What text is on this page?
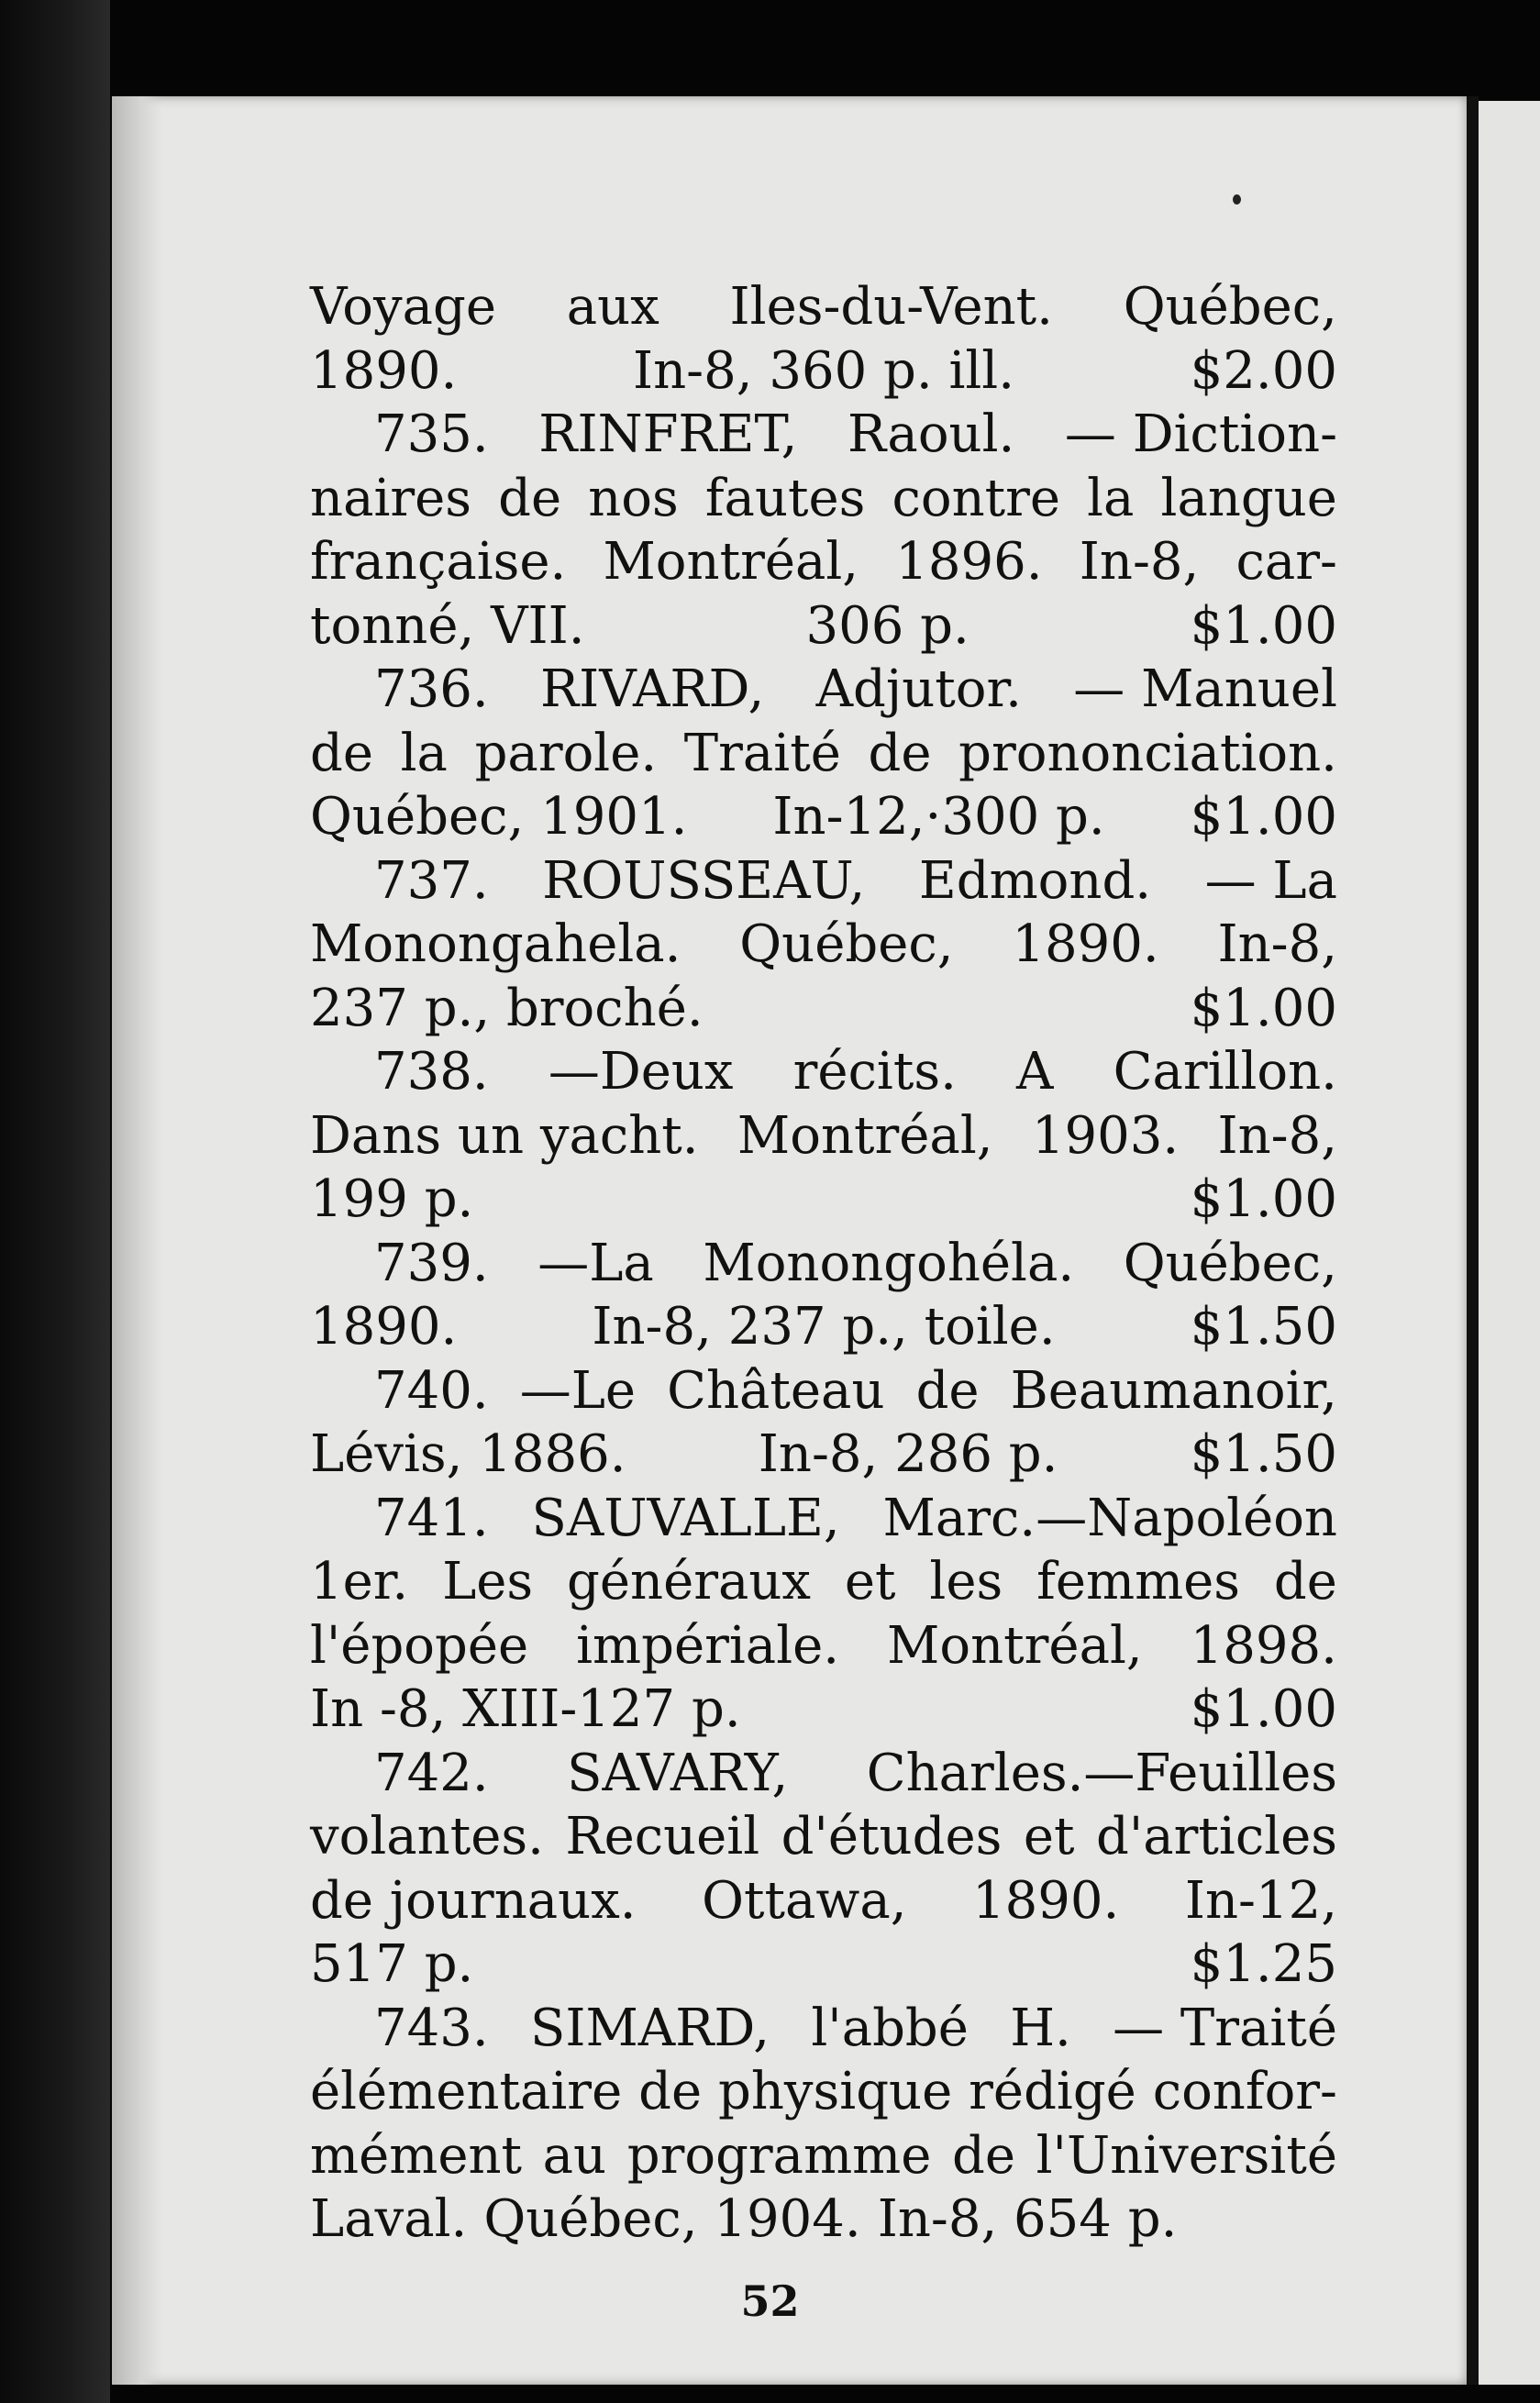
Voyage aux Iles-du-Vent. Québec,
1890.	In-8, 360 p. ill.	$2.00
735. RINFRET, Raoul. — Diction-
naires de nos fautes contre la langue
française. Montréal, 1896. In-8, car-
tonné, VII.	306 p.	$1.00
736. RIVARD, Adjutor. — Manuel
de la parole. Traité de prononciation.
Québec, 1901. In-12,·300 p. $1.00
737. ROUSSEAU, Edmond. — La
Monongahela. Québec, 1890. In-8,
237 p., broché.	$1.00
738. —Deux récits. A Carillon.
Dans un yacht. Montréal, 1903. In-8,
199 p.	$1.00
739. —La Monongohéla. Québec,
1890.	In-8, 237 p., toile.	$1.50
740. —Le Château de Beaumanoir,
Lévis, 1886.	In-8, 286 p.	$1.50
741. SAUVALLE, Marc.—Napoléon
1er. Les généraux et les femmes de
l'épopée impériale. Montréal, 1898.
In -8, XIII-127 p.	$1.00
742. SAVARY, Charles.—Feuilles
volantes. Recueil d'études et d'articles
de journaux. Ottawa, 1890. In-12,
517 p.	$1.25
743. SIMARD, l'abbé H. — Traité
élémentaire de physique rédigé confor-
mément au programme de l'Université
Laval. Québec, 1904. In-8, 654 p.
52
